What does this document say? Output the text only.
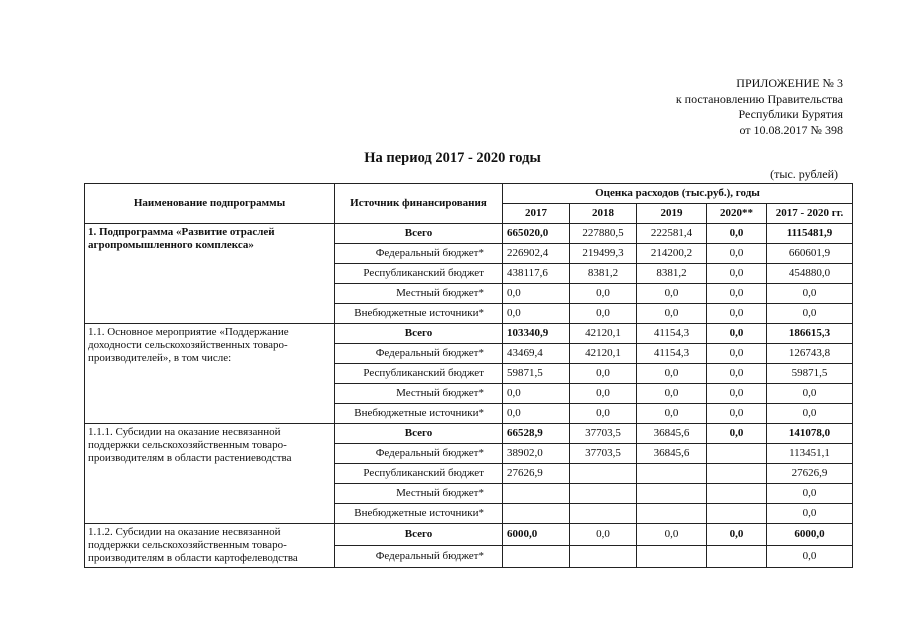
ПРИЛОЖЕНИЕ № 3
к постановлению Правительства
Республики Бурятия
от 10.08.2017 № 398
На период 2017 - 2020 годы
(тыс. рублей)
Наименование подпрограммы	Источник финансирования	Оценка расходов (тыс.руб.), годы				
		2017	2018	2019	2020**	2017 - 2020 гг.
1. Подпрограмма «Развитие отраслей агропромышленного комплекса»	Всего	665020,0	227880,5	222581,4	0,0	1115481,9
	Федеральный бюджет*	226902,4	219499,3	214200,2	0,0	660601,9
	Республиканский бюджет	438117,6	8381,2	8381,2	0,0	454880,0
	Местный бюджет*	0,0	0,0	0,0	0,0	0,0
	Внебюджетные источники*	0,0	0,0	0,0	0,0	0,0
1.1. Основное мероприятие «Поддержание доходности сельскохозяйственных товаро-производителей», в том числе:	Всего	103340,9	42120,1	41154,3	0,0	186615,3
	Федеральный бюджет*	43469,4	42120,1	41154,3	0,0	126743,8
	Республиканский бюджет	59871,5	0,0	0,0	0,0	59871,5
	Местный бюджет*	0,0	0,0	0,0	0,0	0,0
	Внебюджетные источники*	0,0	0,0	0,0	0,0	0,0
1.1.1. Субсидии на оказание несвязанной поддержки сельскохозяйственным товаро-производителям в области растениеводства	Всего	66528,9	37703,5	36845,6	0,0	141078,0
	Федеральный бюджет*	38902,0	37703,5	36845,6		113451,1
	Республиканский бюджет	27626,9				27626,9
	Местный бюджет*					0,0
	Внебюджетные источники*					0,0
1.1.2. Субсидии на оказание несвязанной поддержки сельскохозяйственным товаро-производителям в области картофелеводства	Всего	6000,0	0,0	0,0	0,0	6000,0
	Федеральный бюджет*					0,0
